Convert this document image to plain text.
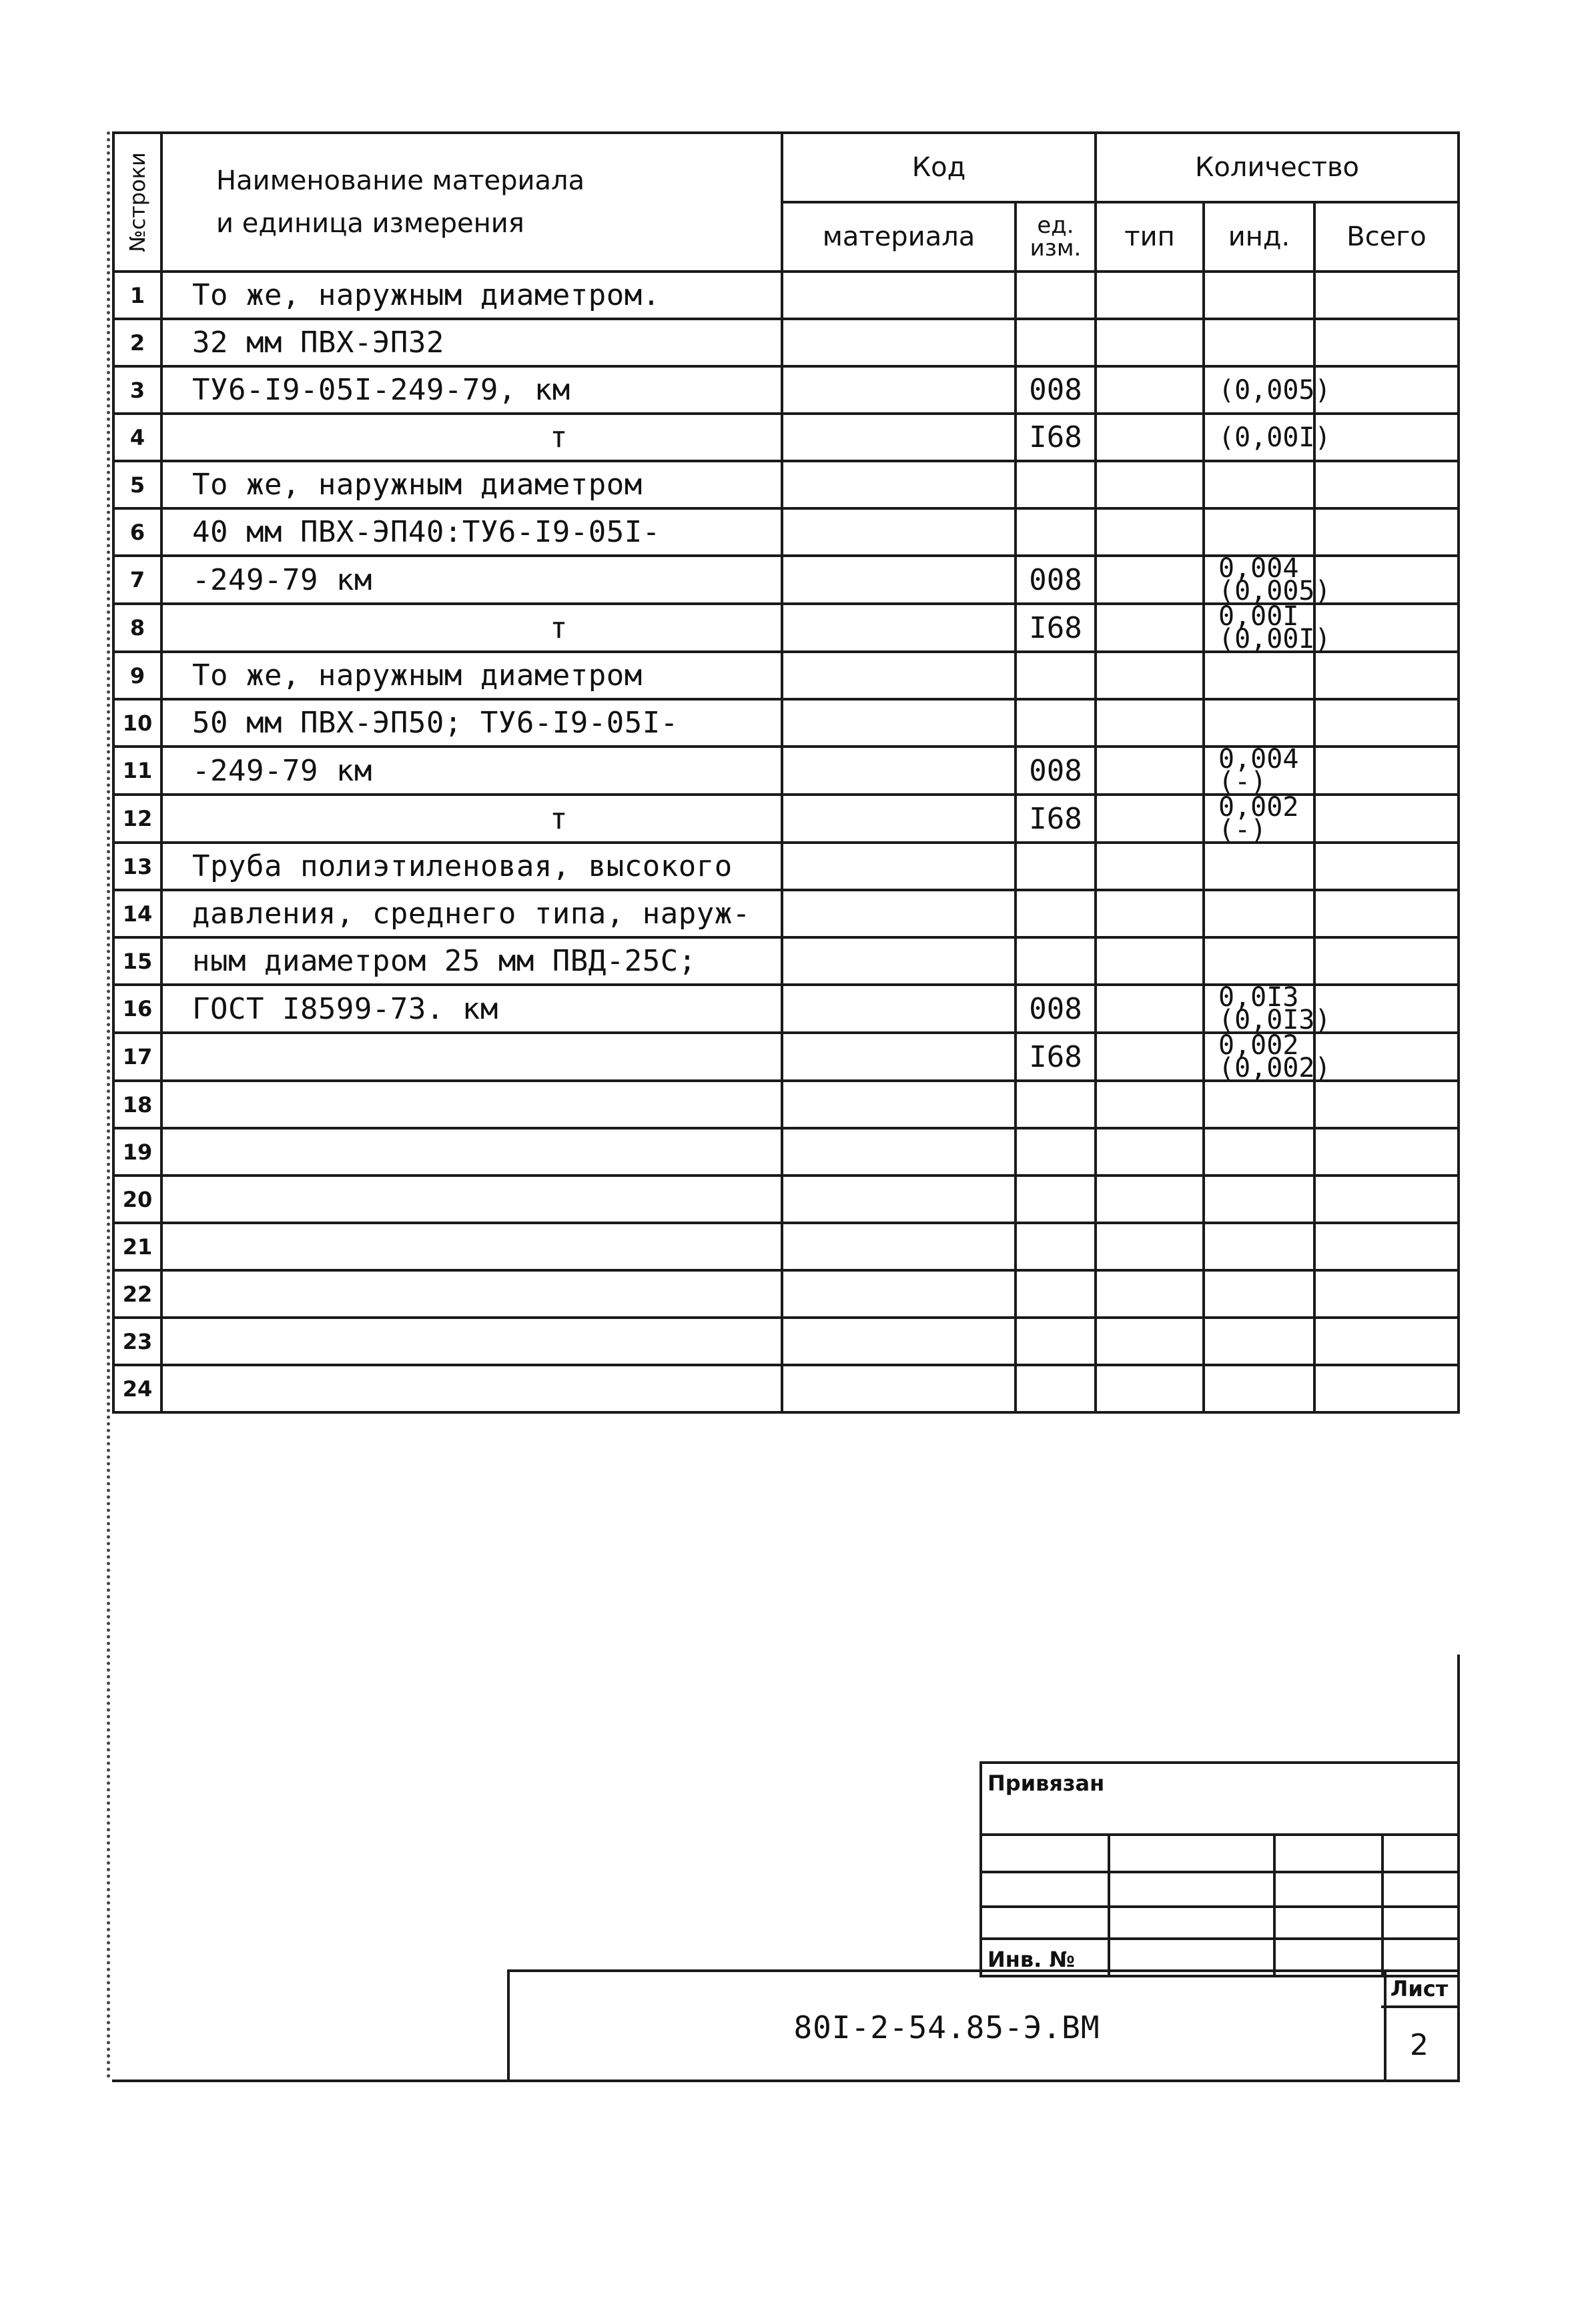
№строки	Наименование материала
и единица измерения	Код		Количество		
		материала	ед. изм.	тип	инд.	Всего
1	То же, наружным диаметром.				

2	32 мм ПВХ-ЭП32				

3	ТУ6-I9-05I-249-79, км		008		(0,005)	

4	т		I68		(0,00I)	

5	То же, наружным диаметром				

6	40 мм ПВХ-ЭП40:ТУ6-I9-05I-				

7	-249-79 км		008		0,004
(0,005)	

8	т		I68		0,00I
(0,00I)	

9	То же, наружным диаметром				

10	50 мм ПВХ-ЭП50; ТУ6-I9-05I-				

11	-249-79 км		008		0,004
(-)	

12	т		I68		0,002
(-)	

13	Труба полиэтиленовая, высокого				

14	давления, среднего типа, наруж-				

15	ным диаметром 25 мм ПВД-25С;				

16	ГОСТ I8599-73. км		008		0,0I3
(0,0I3)	

17			I68		0,002
(0,002)	

18					

19					

20					

21					

22					

23					

24					

Привязан
Инв. №
80I-2-54.85-Э.ВМ
Лист
2
